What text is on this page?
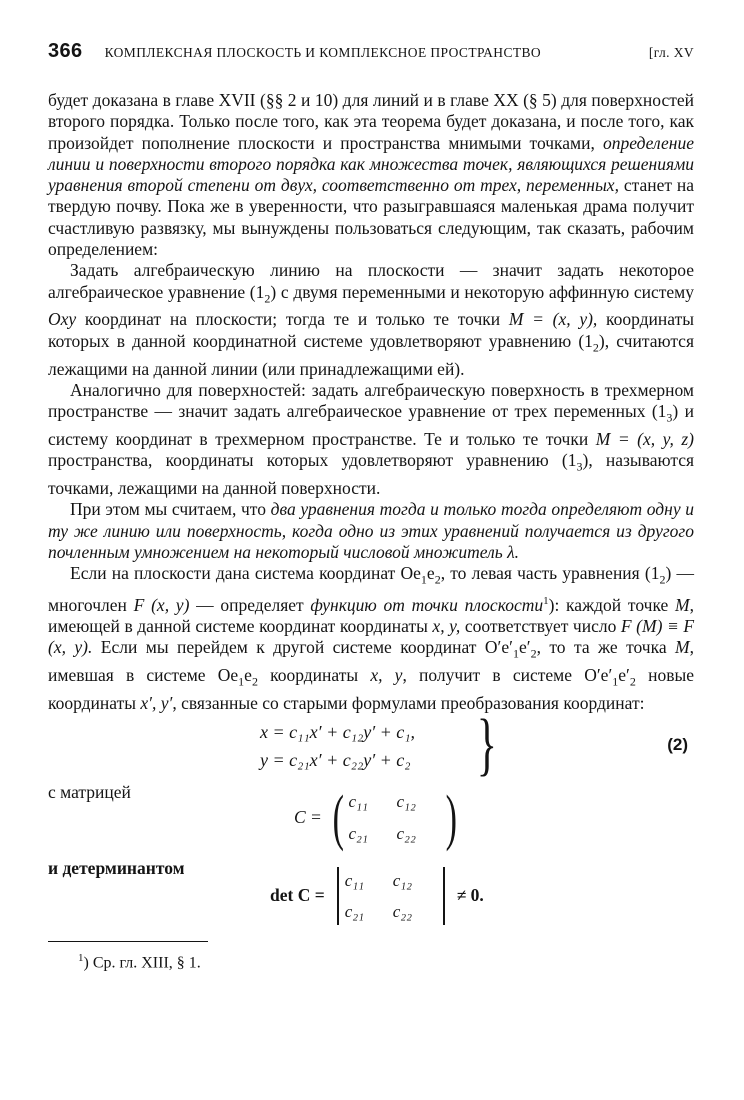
366 КОМПЛЕКСНАЯ ПЛОСКОСТЬ И КОМПЛЕКСНОЕ ПРОСТРАНСТВО	[гл. XV

будет доказана в главе XVII (§§ 2 и 10) для линий и в главе XX (§ 5) для поверхностей второго порядка. Только после того, как эта теорема будет доказана, и после того, как произойдет пополнение плоскости и пространства мнимыми точками, определение линии и поверхности второго порядка как множества точек, являющихся решениями уравнения второй степени от двух, соответственно от трех, переменных, станет на твердую почву. Пока же в уверенности, что разыгравшаяся маленькая драма получит счастливую развязку, мы вынуждены пользоваться следующим, так сказать, рабочим определением:

Задать алгебраическую линию на плоскости — значит задать некоторое алгебраическое уравнение $(1_2)$ с двумя переменными и некоторую аффинную систему Oxy координат на плоскости; тогда те и только те точки M = (x, y), координаты которых в данной координатной системе удовлетворяют уравнению $(1_2)$, считаются лежащими на данной линии (или принадлежащими ей).

Аналогично для поверхностей: задать алгебраическую поверхность в трехмерном пространстве — значит задать алгебраическое уравнение от трех переменных $(1_3)$ и систему координат в трехмерном пространстве. Те и только те точки M = (x, y, z) пространства, координаты которых удовлетворяют уравнению $(1_3)$, называются точками, лежащими на данной поверхности.

При этом мы считаем, что два уравнения тогда и только тогда определяют одну и ту же линию или поверхность, когда одно из этих уравнений получается из другого почленным умножением на некоторый числовой множитель λ.

Если на плоскости дана система координат $Oe_1e_2$, то левая часть уравнения $(1_2)$ — многочлен F (x, y) — определяет функцию от точки плоскости$^1$): каждой точке M, имеющей в данной системе координат координаты x, y, соответствует число F (M) ≡ F (x, y). Если мы перейдем к другой системе координат $O'e'_1e'_2$, то та же точка M, имевшая в системе $Oe_1e_2$ координаты x, y, получит в системе $O'e'_1e'_2$ новые координаты x′, y′, связанные со старыми формулами преобразования координат:

x = c₁₁x′ + c₁₂y′ + c₁,
y = c₂₁x′ + c₂₂y′ + c₂ }	(2)

с матрицей

C = ( c₁₁	c₁₂
c₂₁	c₂₂ )

и детерминантом

det C =
c₁₁	c₁₂
c₂₁	c₂₂
≠ 0.
$^1$) Ср. гл. XIII, § 1.
